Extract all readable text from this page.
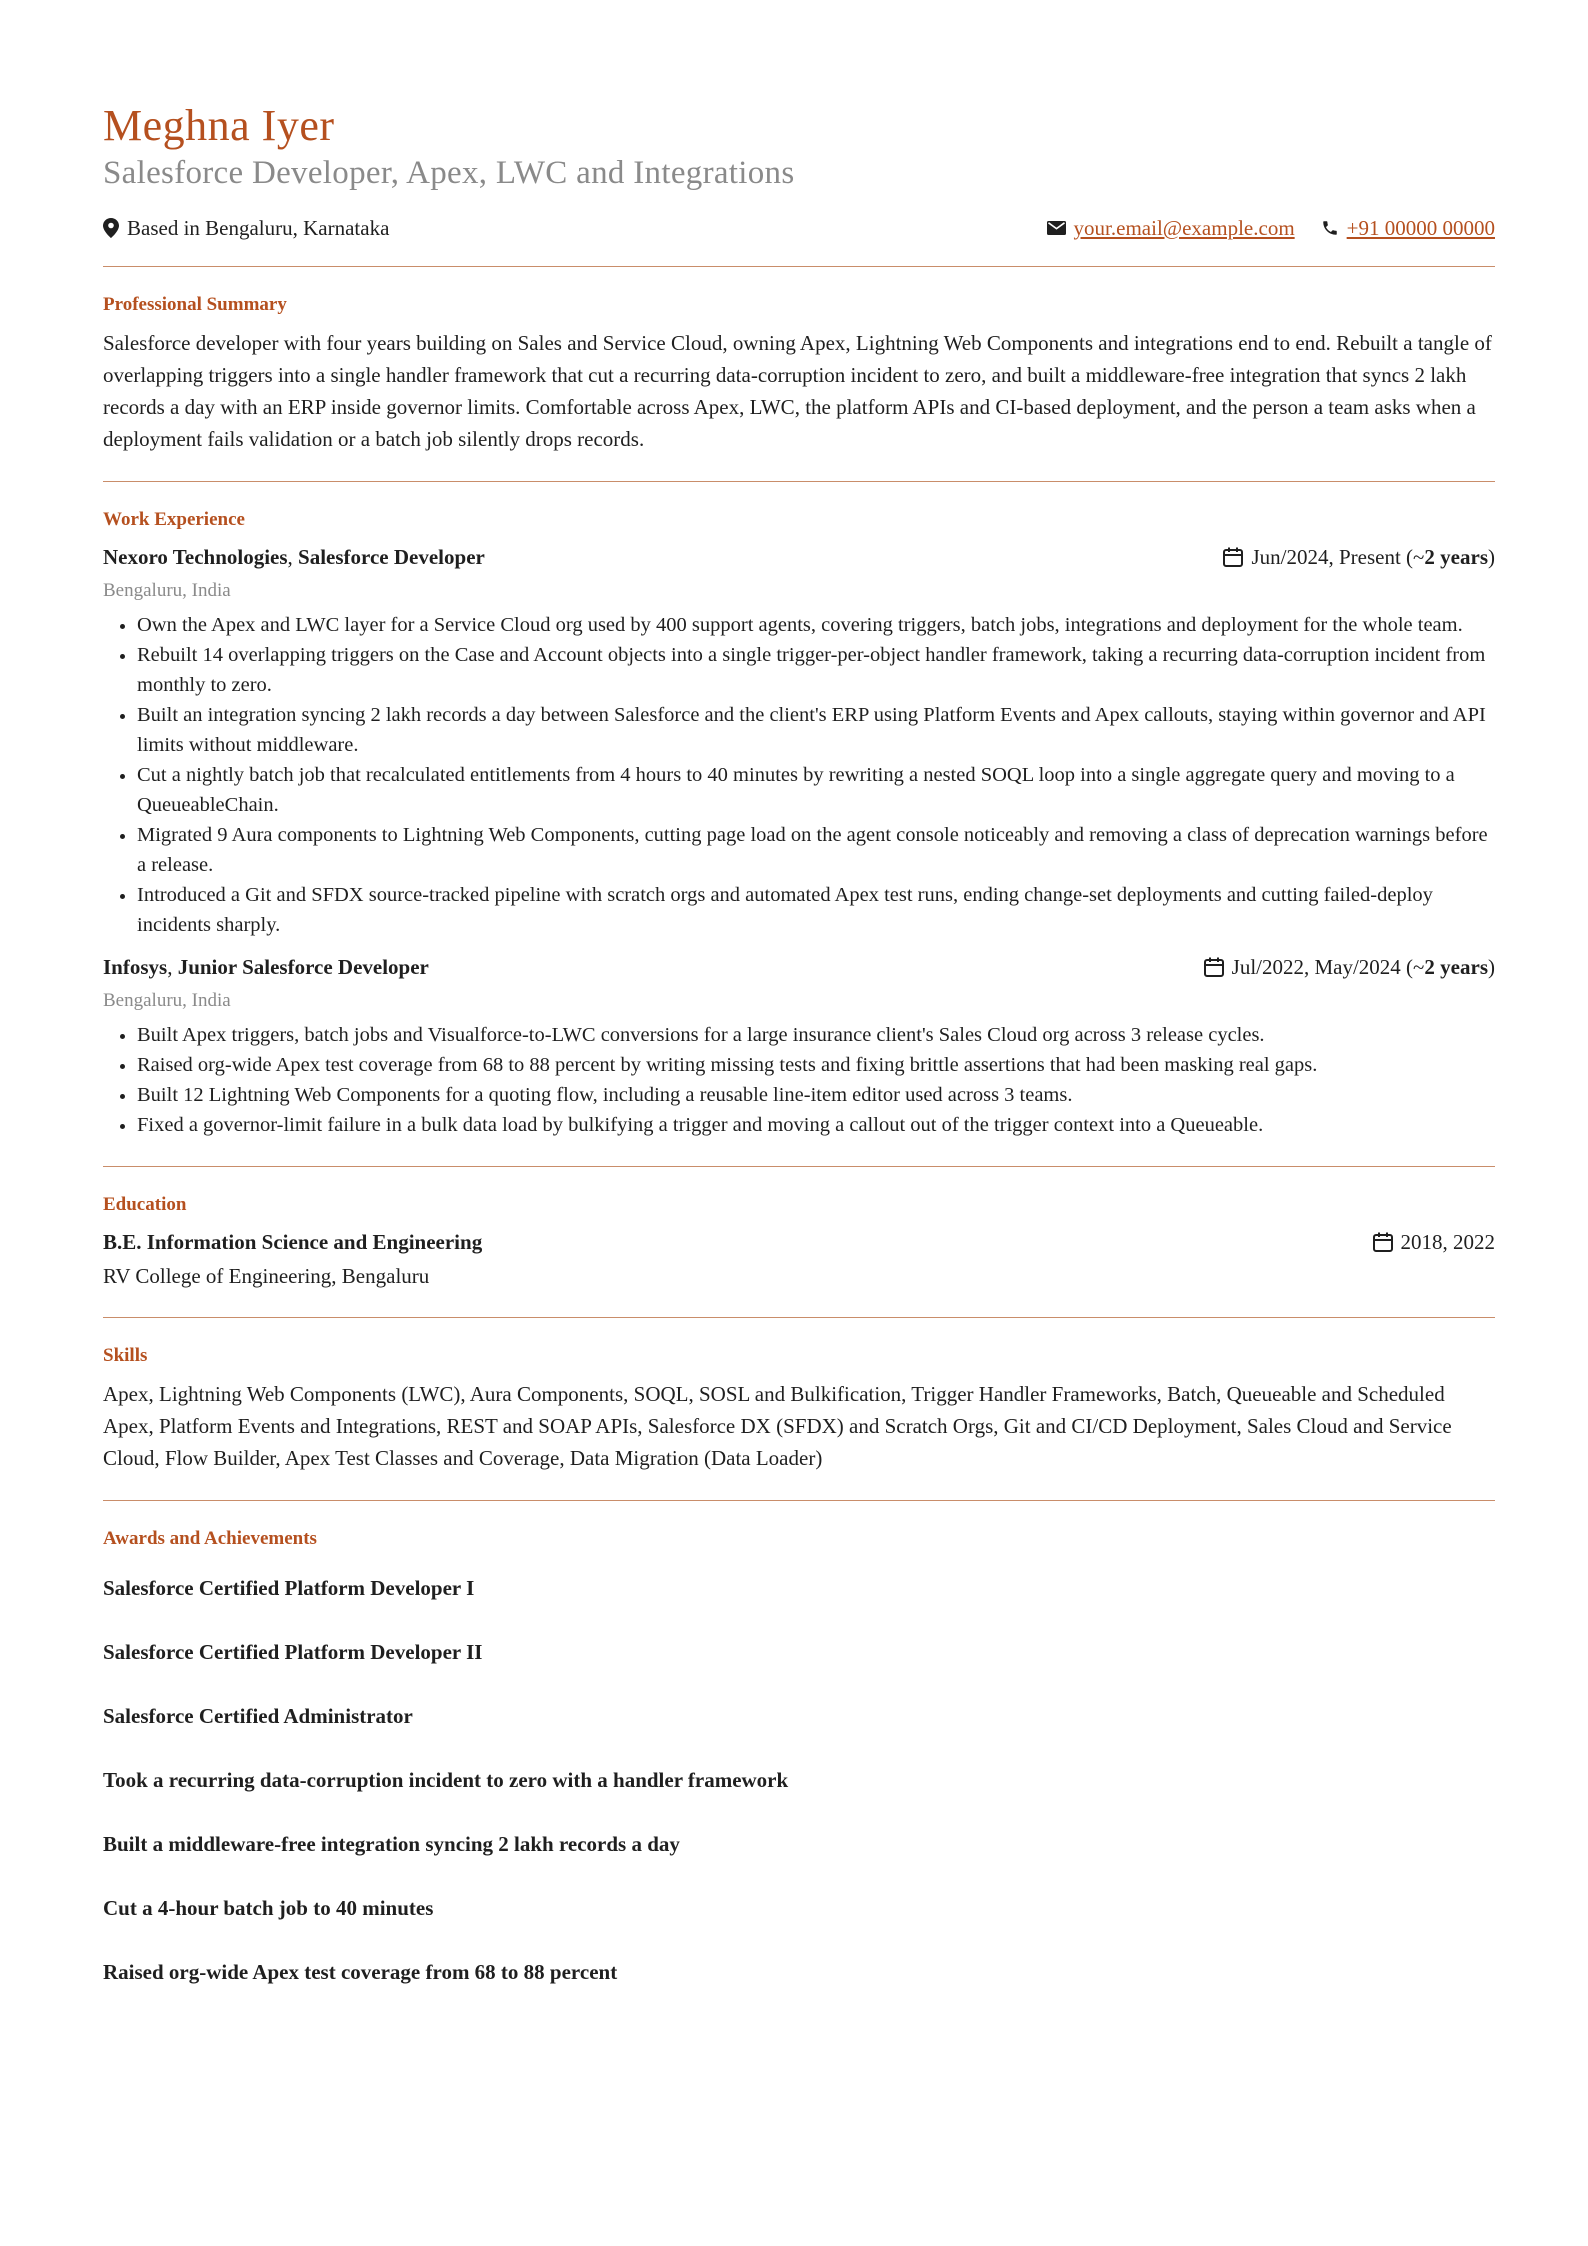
Meghna Iyer
Salesforce Developer, Apex, LWC and Integrations
Based in Bengaluru, Karnataka	your.email@example.com +91 00000 00000
Professional Summary

Salesforce developer with four years building on Sales and Service Cloud, owning Apex, Lightning Web Components and integrations end to end. Rebuilt a tangle of overlapping triggers into a single handler framework that cut a recurring data-corruption incident to zero, and built a middleware-free integration that syncs 2 lakh records a day with an ERP inside governor limits. Comfortable across Apex, LWC, the platform APIs and CI-based deployment, and the person a team asks when a deployment fails validation or a batch job silently drops records.

Work Experience
Nexoro Technologies, Salesforce Developer	Jun/2024, Present (~ 2 years )
Bengaluru, India
• Own the Apex and LWC layer for a Service Cloud org used by 400 support agents, covering triggers, batch jobs, integrations and deployment for the whole team.
• Rebuilt 14 overlapping triggers on the Case and Account objects into a single trigger-per-object handler framework, taking a recurring data-corruption incident from monthly to zero.
• Built an integration syncing 2 lakh records a day between Salesforce and the client's ERP using Platform Events and Apex callouts, staying within governor and API limits without middleware.
• Cut a nightly batch job that recalculated entitlements from 4 hours to 40 minutes by rewriting a nested SOQL loop into a single aggregate query and moving to a QueueableChain.
• Migrated 9 Aura components to Lightning Web Components, cutting page load on the agent console noticeably and removing a class of deprecation warnings before a release.
• Introduced a Git and SFDX source-tracked pipeline with scratch orgs and automated Apex test runs, ending change-set deployments and cutting failed-deploy incidents sharply.
Infosys, Junior Salesforce Developer	Jul/2022, May/2024 (~ 2 years )
Bengaluru, India
• Built Apex triggers, batch jobs and Visualforce-to-LWC conversions for a large insurance client's Sales Cloud org across 3 release cycles.
• Raised org-wide Apex test coverage from 68 to 88 percent by writing missing tests and fixing brittle assertions that had been masking real gaps.
• Built 12 Lightning Web Components for a quoting flow, including a reusable line-item editor used across 3 teams.
• Fixed a governor-limit failure in a bulk data load by bulkifying a trigger and moving a callout out of the trigger context into a Queueable.
Education
B.E. Information Science and Engineering	2018, 2022
RV College of Engineering, Bengaluru
Skills

Apex, Lightning Web Components (LWC), Aura Components, SOQL, SOSL and Bulkification, Trigger Handler Frameworks, Batch, Queueable and Scheduled Apex, Platform Events and Integrations, REST and SOAP APIs, Salesforce DX (SFDX) and Scratch Orgs, Git and CI/CD Deployment, Sales Cloud and Service Cloud, Flow Builder, Apex Test Classes and Coverage, Data Migration (Data Loader)

Awards and Achievements

Salesforce Certified Platform Developer I

Salesforce Certified Platform Developer II

Salesforce Certified Administrator

Took a recurring data-corruption incident to zero with a handler framework

Built a middleware-free integration syncing 2 lakh records a day

Cut a 4-hour batch job to 40 minutes

Raised org-wide Apex test coverage from 68 to 88 percent
